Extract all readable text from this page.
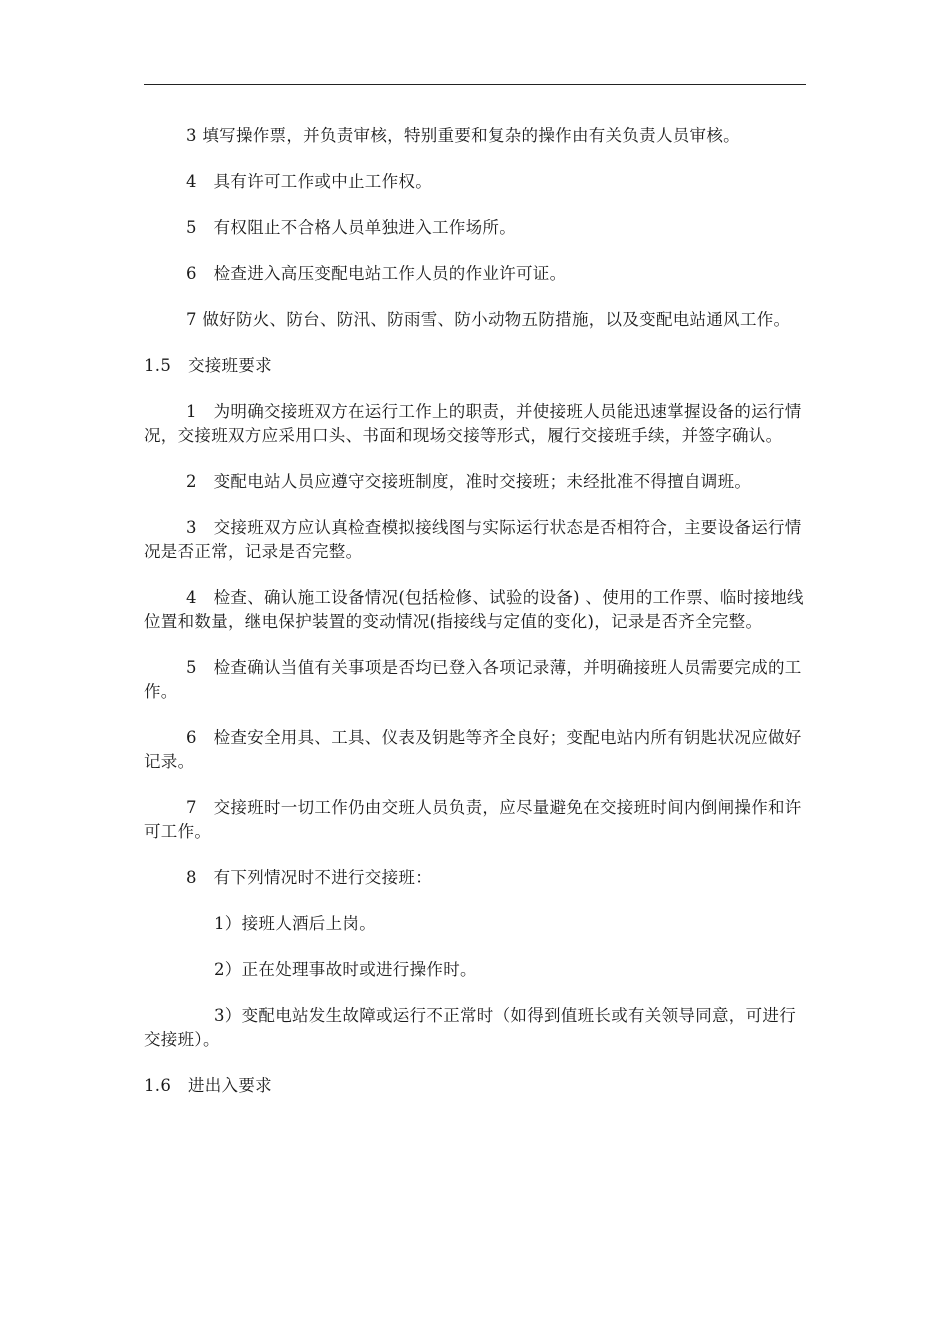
3 填写操作票，并负责审核，特别重要和复杂的操作由有关负责人员审核。

4　具有许可工作或中止工作权。

5　有权阻止不合格人员单独进入工作场所。

6　检查进入高压变配电站工作人员的作业许可证。

7 做好防火、防台、防汛、防雨雪、防小动物五防措施，以及变配电站通风工作。

1.5　交接班要求

1　为明确交接班双方在运行工作上的职责，并使接班人员能迅速掌握设备的运行情况，交接班双方应采用口头、书面和现场交接等形式，履行交接班手续，并签字确认。

2　变配电站人员应遵守交接班制度，准时交接班；未经批准不得擅自调班。

3　交接班双方应认真检查模拟接线图与实际运行状态是否相符合，主要设备运行情况是否正常，记录是否完整。

4　检查、确认施工设备情况(包括检修、试验的设备) 、使用的工作票、临时接地线位置和数量，继电保护装置的变动情况(指接线与定值的变化)，记录是否齐全完整。

5　检查确认当值有关事项是否均已登入各项记录薄，并明确接班人员需要完成的工作。

6　检查安全用具、工具、仪表及钥匙等齐全良好；变配电站内所有钥匙状况应做好记录。

7　交接班时一切工作仍由交班人员负责，应尽量避免在交接班时间内倒闸操作和许可工作。

8　有下列情况时不进行交接班：

1）接班人酒后上岗。

2）正在处理事故时或进行操作时。

3）变配电站发生故障或运行不正常时（如得到值班长或有关领导同意，可进行交接班）。

1.6　进出入要求
